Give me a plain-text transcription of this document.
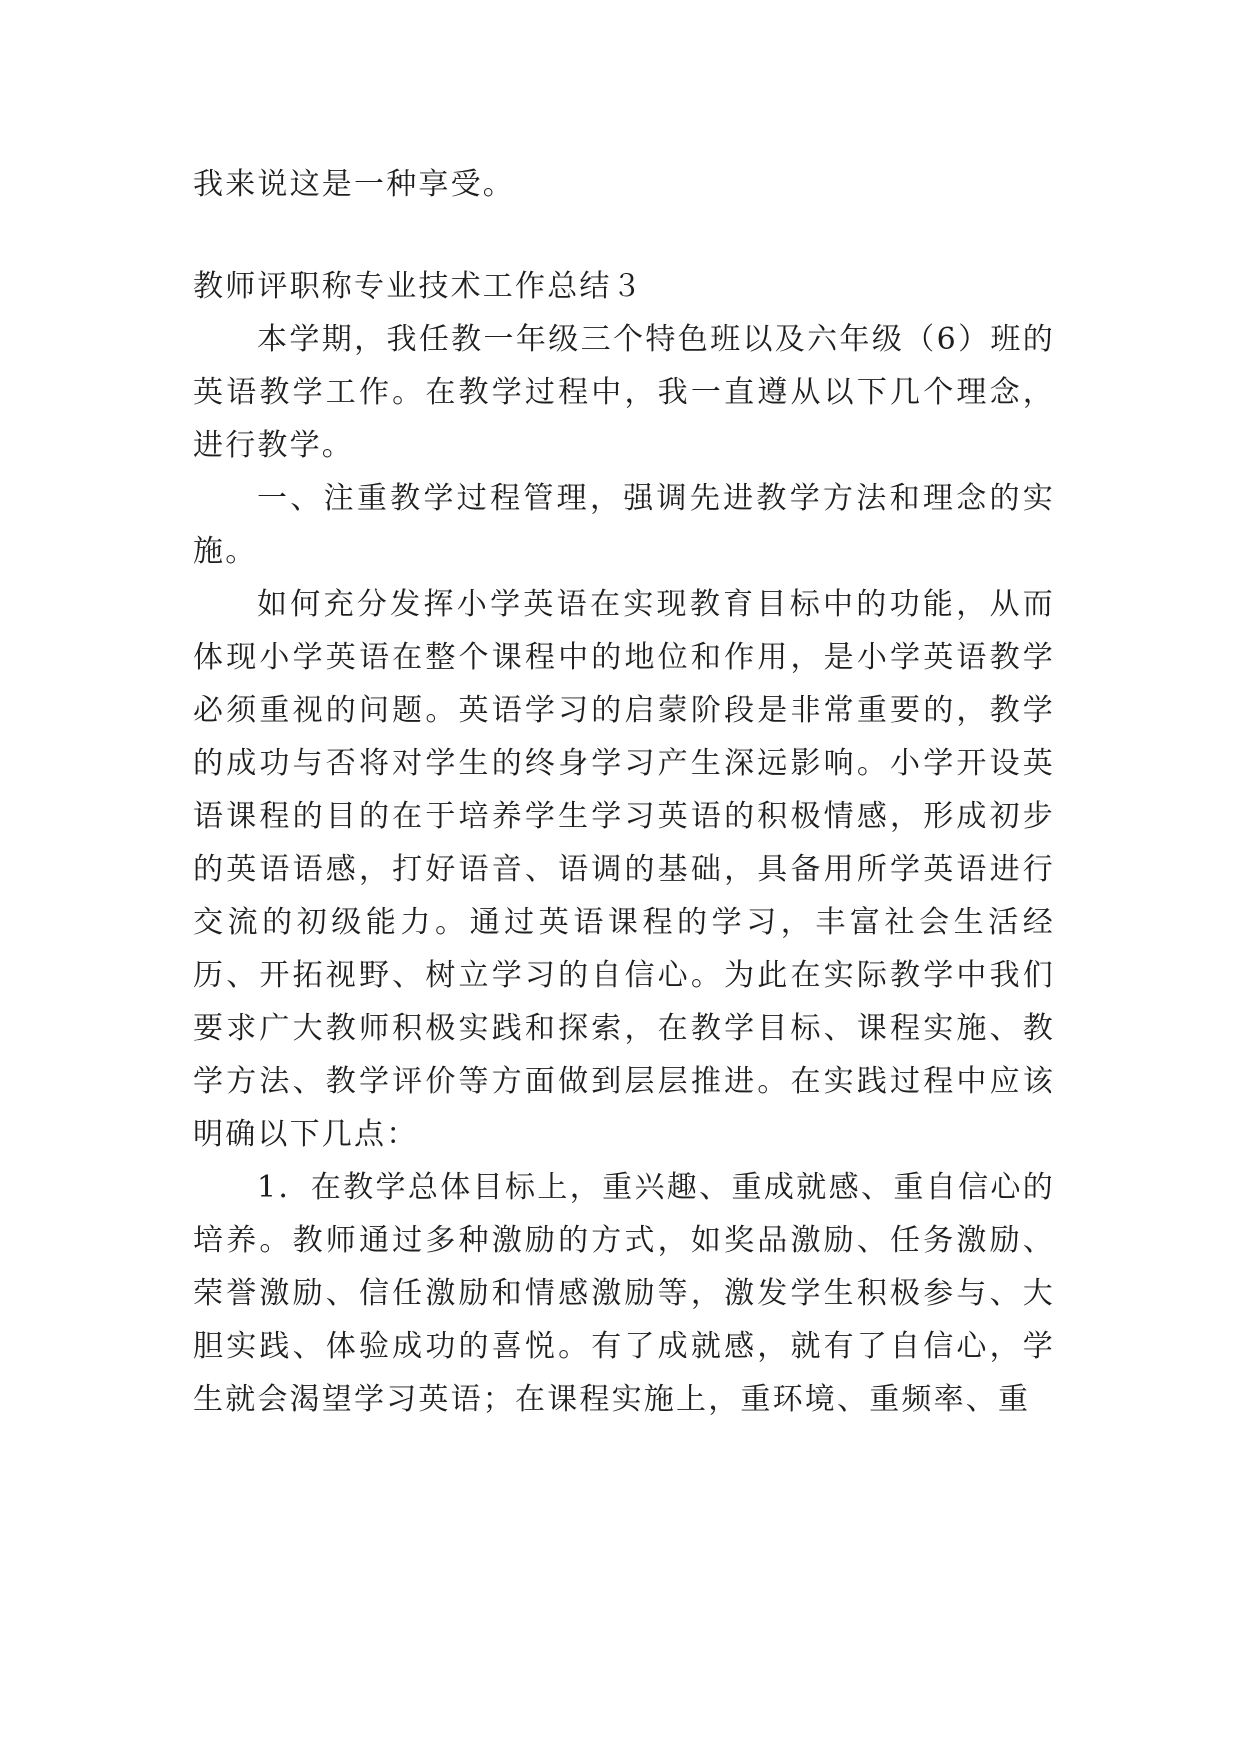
我来说这是一种享受。

教师评职称专业技术工作总结３

本学期，我任教一年级三个特色班以及六年级（6）班的英语教学工作。在教学过程中，我一直遵从以下几个理念，进行教学。

一、注重教学过程管理，强调先进教学方法和理念的实施。

如何充分发挥小学英语在实现教育目标中的功能，从而体现小学英语在整个课程中的地位和作用，是小学英语教学必须重视的问题。英语学习的启蒙阶段是非常重要的，教学的成功与否将对学生的终身学习产生深远影响。小学开设英语课程的目的在于培养学生学习英语的积极情感，形成初步的英语语感，打好语音、语调的基础，具备用所学英语进行交流的初级能力。通过英语课程的学习，丰富社会生活经历、开拓视野、树立学习的自信心。为此在实际教学中我们要求广大教师积极实践和探索，在教学目标、课程实施、教学方法、教学评价等方面做到层层推进。在实践过程中应该明确以下几点：

1．在教学总体目标上，重兴趣、重成就感、重自信心的培养。教师通过多种激励的方式，如奖品激励、任务激励、荣誉激励、信任激励和情感激励等，激发学生积极参与、大胆实践、体验成功的喜悦。有了成就感，就有了自信心，学生就会渴望学习英语；在课程实施上，重环境、重频率、重
